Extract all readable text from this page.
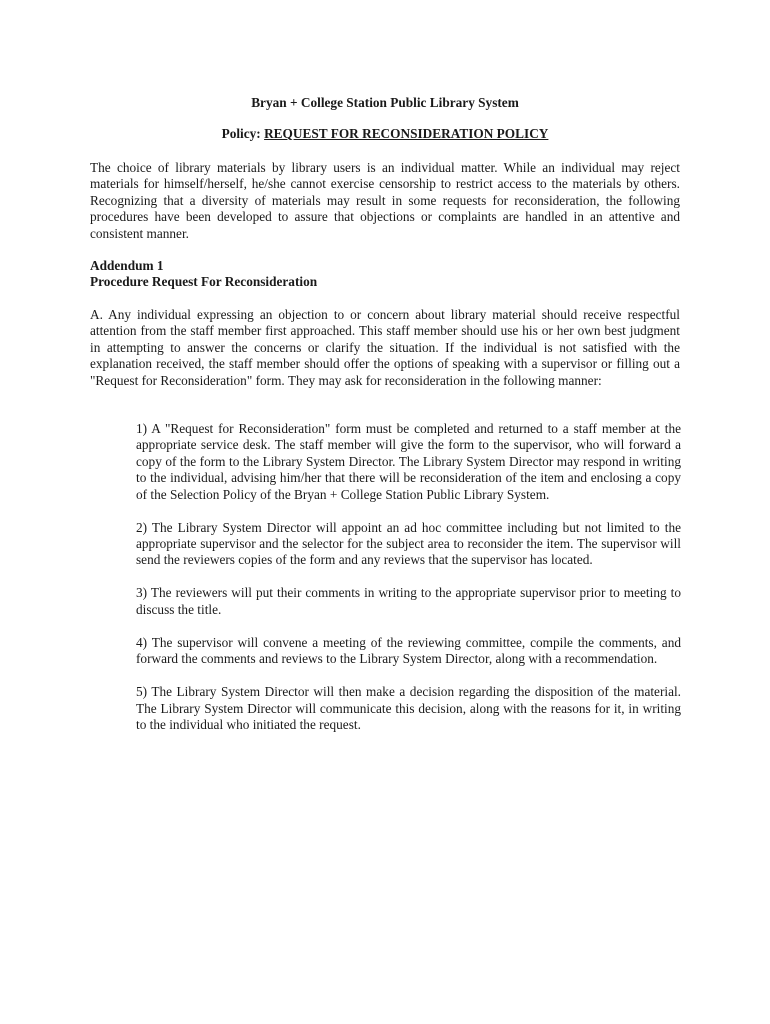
Bryan + College Station Public Library System
Policy: REQUEST FOR RECONSIDERATION POLICY
The choice of library materials by library users is an individual matter. While an individual may reject materials for himself/herself, he/she cannot exercise censorship to restrict access to the materials by others. Recognizing that a diversity of materials may result in some requests for reconsideration, the following procedures have been developed to assure that objections or complaints are handled in an attentive and consistent manner.
Addendum 1
Procedure Request For Reconsideration
A. Any individual expressing an objection to or concern about library material should receive respectful attention from the staff member first approached. This staff member should use his or her own best judgment in attempting to answer the concerns or clarify the situation. If the individual is not satisfied with the explanation received, the staff member should offer the options of speaking with a supervisor or filling out a "Request for Reconsideration" form. They may ask for reconsideration in the following manner:

1) A "Request for Reconsideration" form must be completed and returned to a staff member at the appropriate service desk. The staff member will give the form to the supervisor, who will forward a copy of the form to the Library System Director. The Library System Director may respond in writing to the individual, advising him/her that there will be reconsideration of the item and enclosing a copy of the Selection Policy of the Bryan + College Station Public Library System.

2) The Library System Director will appoint an ad hoc committee including but not limited to the appropriate supervisor and the selector for the subject area to reconsider the item. The supervisor will send the reviewers copies of the form and any reviews that the supervisor has located.

3) The reviewers will put their comments in writing to the appropriate supervisor prior to meeting to discuss the title.

4) The supervisor will convene a meeting of the reviewing committee, compile the comments, and forward the comments and reviews to the Library System Director, along with a recommendation.

5) The Library System Director will then make a decision regarding the disposition of the material. The Library System Director will communicate this decision, along with the reasons for it, in writing to the individual who initiated the request.
